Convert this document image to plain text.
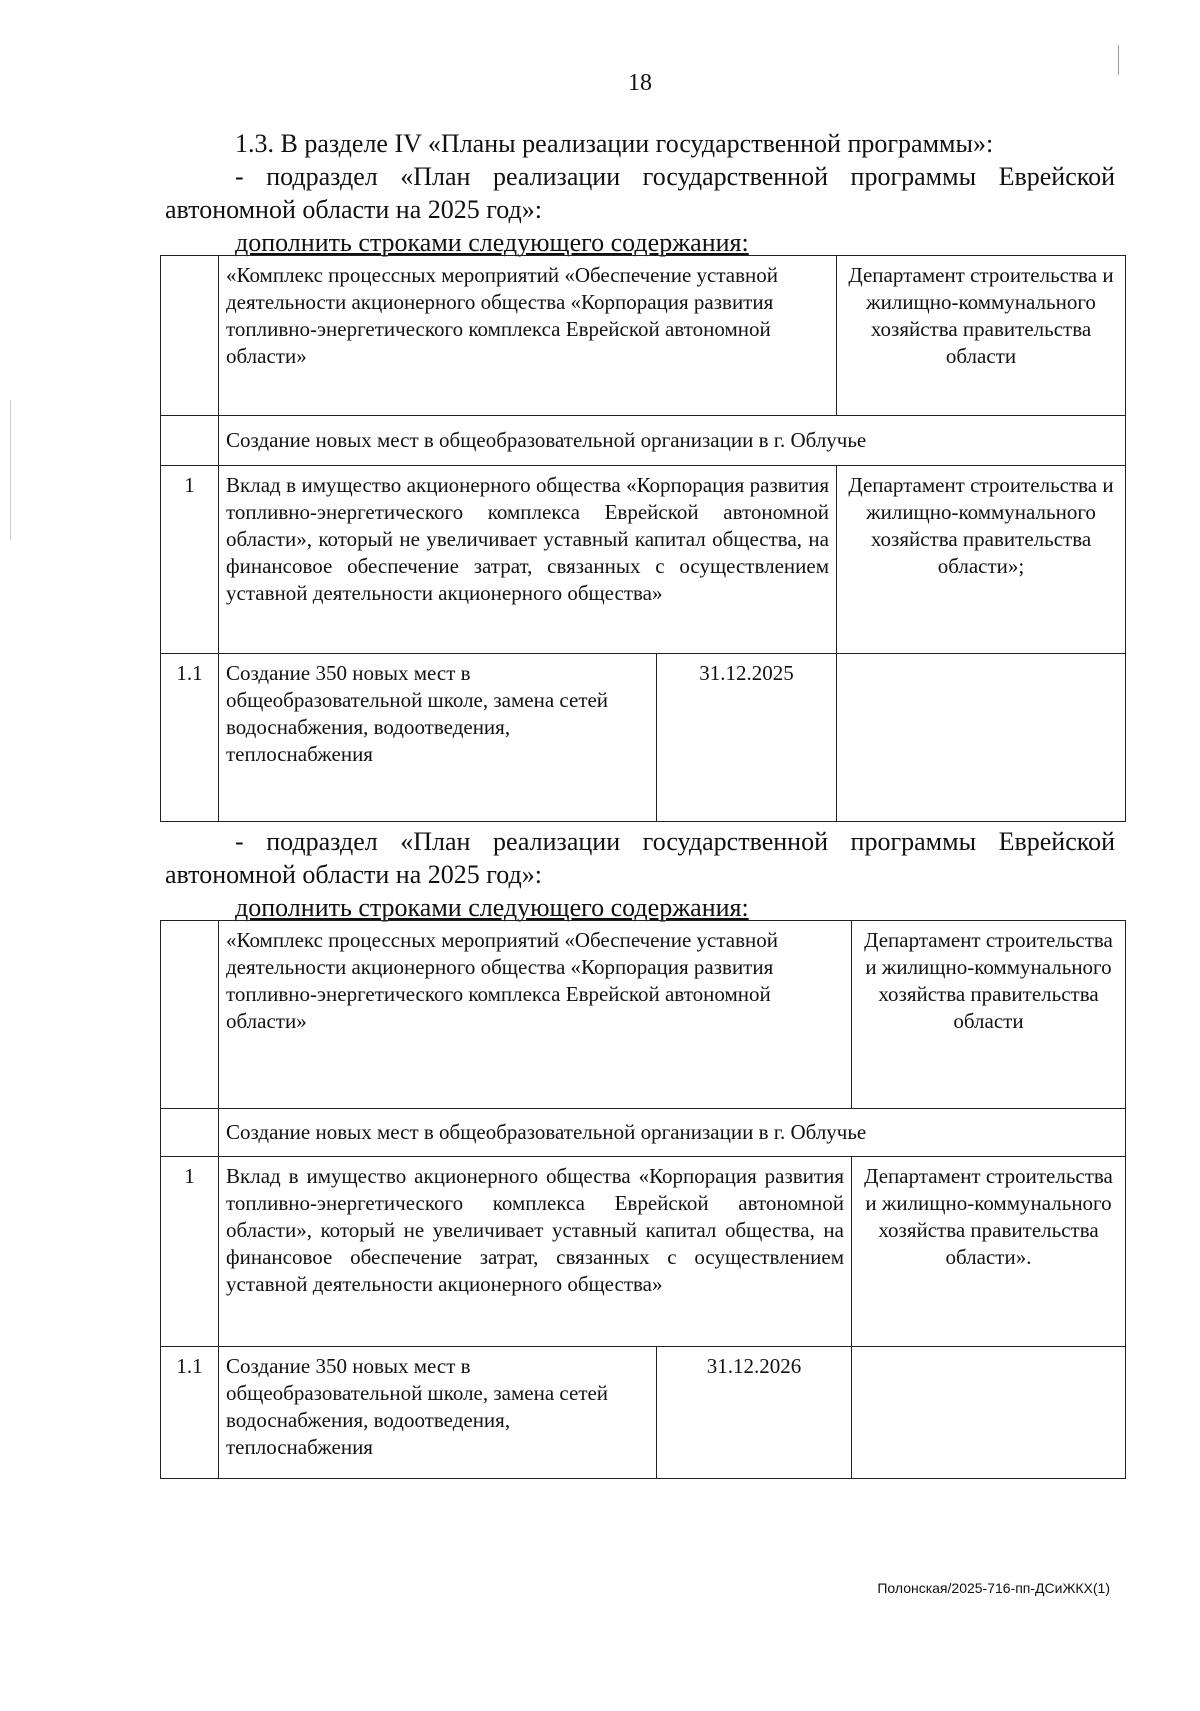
18
1.3. В разделе IV «Планы реализации государственной программы»:
- подраздел «План реализации государственной программы Еврейской автономной области на 2025 год»:
дополнить строками следующего содержания:
	«Комплекс процессных мероприятий «Обеспечение уставной деятельности акционерного общества «Корпорация развития топливно-энергетического комплекса Еврейской автономной области»		Департамент строительства и жилищно-коммунального хозяйства правительства области
	Создание новых мест в общеобразовательной организации в г. Облучье		
1	Вклад в имущество акционерного общества «Корпорация развития топливно-энергетического комплекса Еврейской автономной области», который не увеличивает уставный капитал общества, на финансовое обеспечение затрат, связанных с осуществлением уставной деятельности акционерного общества»		Департамент строительства и жилищно-коммунального хозяйства правительства области»;
1.1	Создание 350 новых мест в общеобразовательной школе, замена сетей водоснабжения, водоотведения, теплоснабжения	31.12.2025	
- подраздел «План реализации государственной программы Еврейской автономной области на 2025 год»:
дополнить строками следующего содержания:
	«Комплекс процессных мероприятий «Обеспечение уставной деятельности акционерного общества «Корпорация развития топливно-энергетического комплекса Еврейской автономной области»		Департамент строительства и жилищно-коммунального хозяйства правительства области
	Создание новых мест в общеобразовательной организации в г. Облучье		
1	Вклад в имущество акционерного общества «Корпорация развития топливно-энергетического комплекса Еврейской автономной области», который не увеличивает уставный капитал общества, на финансовое обеспечение затрат, связанных с осуществлением уставной деятельности акционерного общества»		Департамент строительства и жилищно-коммунального хозяйства правительства области».
1.1	Создание 350 новых мест в общеобразовательной школе, замена сетей водоснабжения, водоотведения, теплоснабжения	31.12.2026	
Полонская/2025-716-пп-ДСиЖКХ(1)
